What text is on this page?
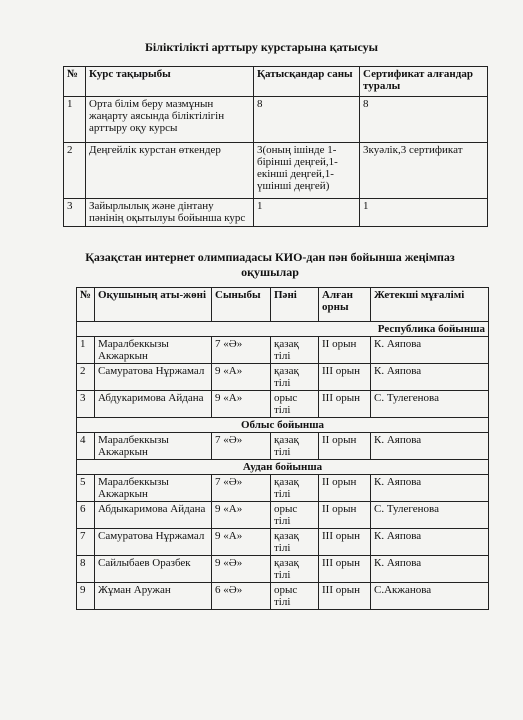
Біліктілікті арттыру курстарына қатысуы
№	Курс тақырыбы	Қатысқандар саны	Сертификат алғандар туралы
1	Орта білім беру мазмұнын жаңарту аясында біліктілігін арттыру оқу курсы	8	8
2	Деңгейлік курстан өткендер	3(оның ішінде 1-бірінші деңгей,1-екінші деңгей,1-үшінші деңгей)	3куәлік,3 сертификат
3	Зайырлылық және дінтану пәнінің оқытылуы бойынша курс	1	1
Қазақстан интернет олимпиадасы КИО-дан пән бойынша жеңімпаз оқушылар
№	Оқушының аты-жөні	Сыныбы	Пәні	Алған орны	Жетекші мұғалімі
Республика бойынша					
1	Маралбеккызы Акжаркын	7 «Ә»	қазақ тілі	ІІ орын	К. Аяпова
2	Самуратова Нұржамал	9 «А»	қазақ тілі	ІІІ орын	К. Аяпова
3	Абдукаримова Айдана	9 «А»	орыс тілі	ІІІ орын	С. Тулегенова
Облыс бойынша					
4	Маралбеккызы Акжаркын	7 «Ә»	қазақ тілі	ІІ орын	К. Аяпова
Аудан бойынша					
5	Маралбеккызы Акжаркын	7 «Ә»	қазақ тілі	ІІ орын	К. Аяпова
6	Абдыкаримова Айдана	9 «А»	орыс тілі	ІІ орын	С. Тулегенова
7	Самуратова Нұржамал	9 «А»	қазақ тілі	ІІІ орын	К. Аяпова
8	Сайлыбаев Оразбек	9 «Ә»	қазақ тілі	ІІІ орын	К. Аяпова
9	Жұман Аружан	6 «Ә»	орыс тілі	ІІІ орын	С.Акжанова
